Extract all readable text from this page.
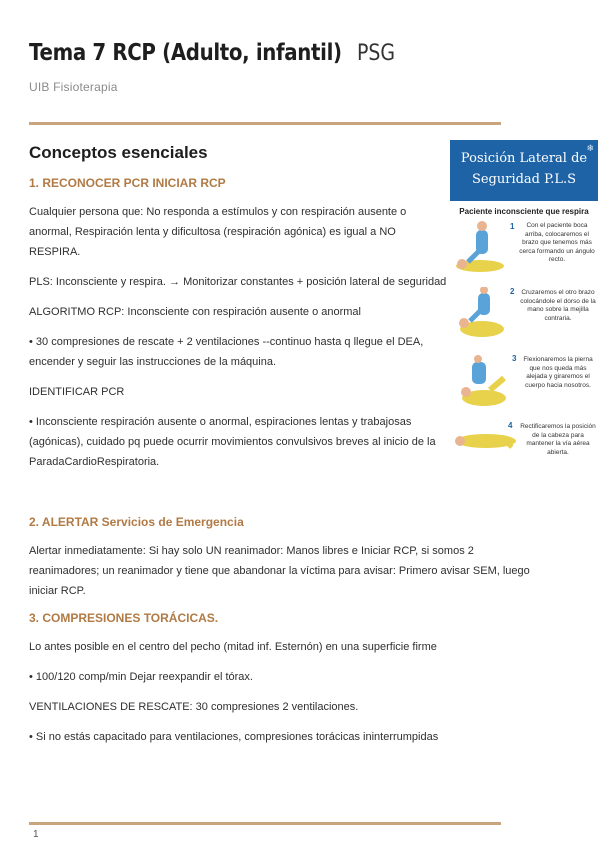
Tema 7 RCP (Adulto, infantil) PSG
UIB Fisioterapia
Conceptos esenciales
1. RECONOCER PCR INICIAR RCP

Cualquier persona que: No responda a estímulos y con respiración ausente o anormal, Respiración lenta y dificultosa (respiración agónica) es igual a NO RESPIRA.

PLS: Inconsciente y respira. → Monitorizar constantes + posición lateral de seguridad

ALGORITMO RCP: Inconsciente con respiración ausente o anormal

• 30 compresiones de rescate + 2 ventilaciones --continuo hasta q llegue el DEA, encender y seguir las instrucciones de la máquina.

IDENTIFICAR PCR

• Inconsciente respiración ausente o anormal, espiraciones lentas y trabajosas (agónicas), cuidado pq puede ocurrir movimientos convulsivos breves al inicio de la ParadaCardioRespiratoria.

2. ALERTAR Servicios de Emergencia

Alertar inmediatamente: Si hay solo UN reanimador: Manos libres e Iniciar RCP, si somos 2 reanimadores; un reanimador y tiene que abandonar la víctima para avisar: Primero avisar SEM, luego iniciar RCP.

3. COMPRESIONES TORÁCICAS.

Lo antes posible en el centro del pecho (mitad inf. Esternón) en una superficie firme

• 100/120 comp/min Dejar reexpandir el tórax.

VENTILACIONES DE RESCATE: 30 compresiones 2 ventilaciones.

• Si no estás capacitado para ventilaciones, compresiones torácicas ininterrumpidas

❄
Posición Lateral de
Seguridad P.L.S
Paciente inconsciente que respira
1	Con el paciente boca arriba, colocaremos el brazo que tenemos más cerca formando un ángulo recto.
2 Cruzaremos el otro brazo colocándole el dorso de la mano sobre la mejilla contraria.
3	Flexionaremos la pierna que nos queda más alejada y giraremos el cuerpo hacia nosotros.
4 Rectificaremos la posición de la cabeza para mantener la vía aérea abierta.
1
